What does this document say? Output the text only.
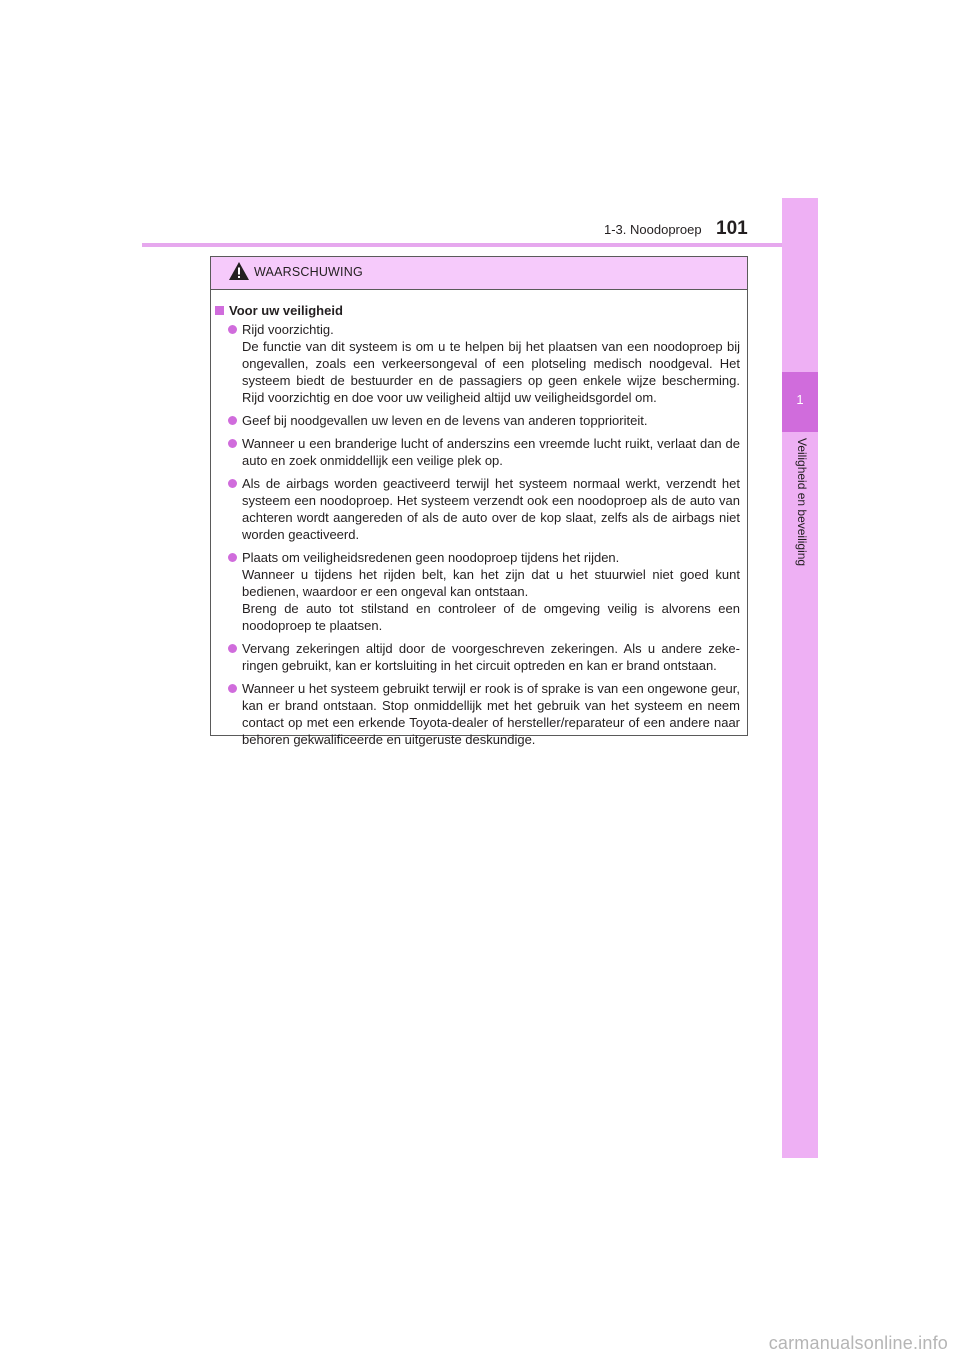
1-3. Noodoproep 101
1
Veiligheid en beveiliging
WAARSCHUWING
Voor uw veiligheid

Rijd voorzichtig.

De functie van dit systeem is om u te helpen bij het plaatsen van een noodoproep bij ongevallen, zoals een verkeersongeval of een plotseling medisch noodgeval. Het systeem biedt de bestuurder en de passagiers op geen enkele wijze bescherming. Rijd voorzichtig en doe voor uw veiligheid altijd uw veiligheidsgordel om.

Geef bij noodgevallen uw leven en de levens van anderen topprioriteit.

Wanneer u een branderige lucht of anderszins een vreemde lucht ruikt, verlaat dan de auto en zoek onmiddellijk een veilige plek op.

Als de airbags worden geactiveerd terwijl het systeem normaal werkt, verzendt het systeem een noodoproep. Het systeem verzendt ook een noodoproep als de auto van achteren wordt aangereden of als de auto over de kop slaat, zelfs als de airbags niet worden geactiveerd.

Plaats om veiligheidsredenen geen noodoproep tijdens het rijden.

Wanneer u tijdens het rijden belt, kan het zijn dat u het stuurwiel niet goed kunt bedienen, waardoor er een ongeval kan ontstaan.

Breng de auto tot stilstand en controleer of de omgeving veilig is alvorens een noodoproep te plaatsen.

Vervang zekeringen altijd door de voorgeschreven zekeringen. Als u andere zekeringen gebruikt, kan er kortsluiting in het circuit optreden en kan er brand ontstaan.

Wanneer u het systeem gebruikt terwijl er rook is of sprake is van een ongewone geur, kan er brand ontstaan. Stop onmiddellijk met het gebruik van het systeem en neem contact op met een erkende Toyota-dealer of hersteller/reparateur of een andere naar behoren gekwalificeerde en uitgeruste deskundige.

carmanualsonline.info
